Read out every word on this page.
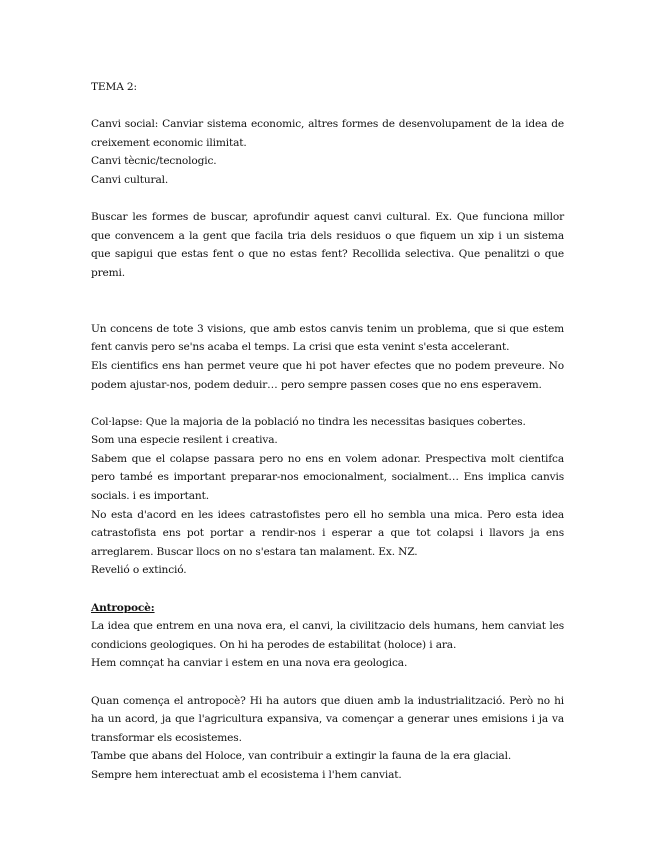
TEMA 2:

Canvi social: Canviar sistema economic, altres formes de desenvolupament de la idea de creixement economic ilimitat.

Canvi tècnic/tecnologic.

Canvi cultural.

Buscar les formes de buscar, aprofundir aquest canvi cultural. Ex. Que funciona millor que convencem a la gent que facila tria dels residuos o que fiquem un xip i un sistema que sapigui que estas fent o que no estas fent? Recollida selectiva. Que penalitzi o que premi.

Un concens de tote 3 visions, que amb estos canvis tenim un problema, que si que estem fent canvis pero se'ns acaba el temps. La crisi que esta venint s'esta accelerant.

Els cientifics ens han permet veure que hi pot haver efectes que no podem preveure. No podem ajustar-nos, podem deduir… pero sempre passen coses que no ens esperavem.

Col·lapse: Que la majoria de la població no tindra les necessitas basiques cobertes.

Som una especie resilent i creativa.

Sabem que el colapse passara pero no ens en volem adonar. Prespectiva molt cientifca pero també es important preparar-nos emocionalment, socialment… Ens implica canvis socials. i es important.

No esta d'acord en les idees catrastofistes pero ell ho sembla una mica. Pero esta idea catrastofista ens pot portar a rendir-nos i esperar a que tot colapsi i llavors ja ens arreglarem. Buscar llocs on no s'estara tan malament. Ex. NZ.

Revelió o extinció.

Antropocè:

La idea que entrem en una nova era, el canvi, la civilitzacio dels humans, hem canviat les condicions geologiques. On hi ha perodes de estabilitat (holoce) i ara.

Hem comnçat ha canviar i estem en una nova era geologica.

Quan comença el antropocè? Hi ha autors que diuen amb la industrialització. Però no hi ha un acord, ja que l'agricultura expansiva, va començar a generar unes emisions i ja va transformar els ecosistemes.

Tambe que abans del Holoce, van contribuir a extingir la fauna de la era glacial.

Sempre hem interectuat amb el ecosistema i l'hem canviat.
